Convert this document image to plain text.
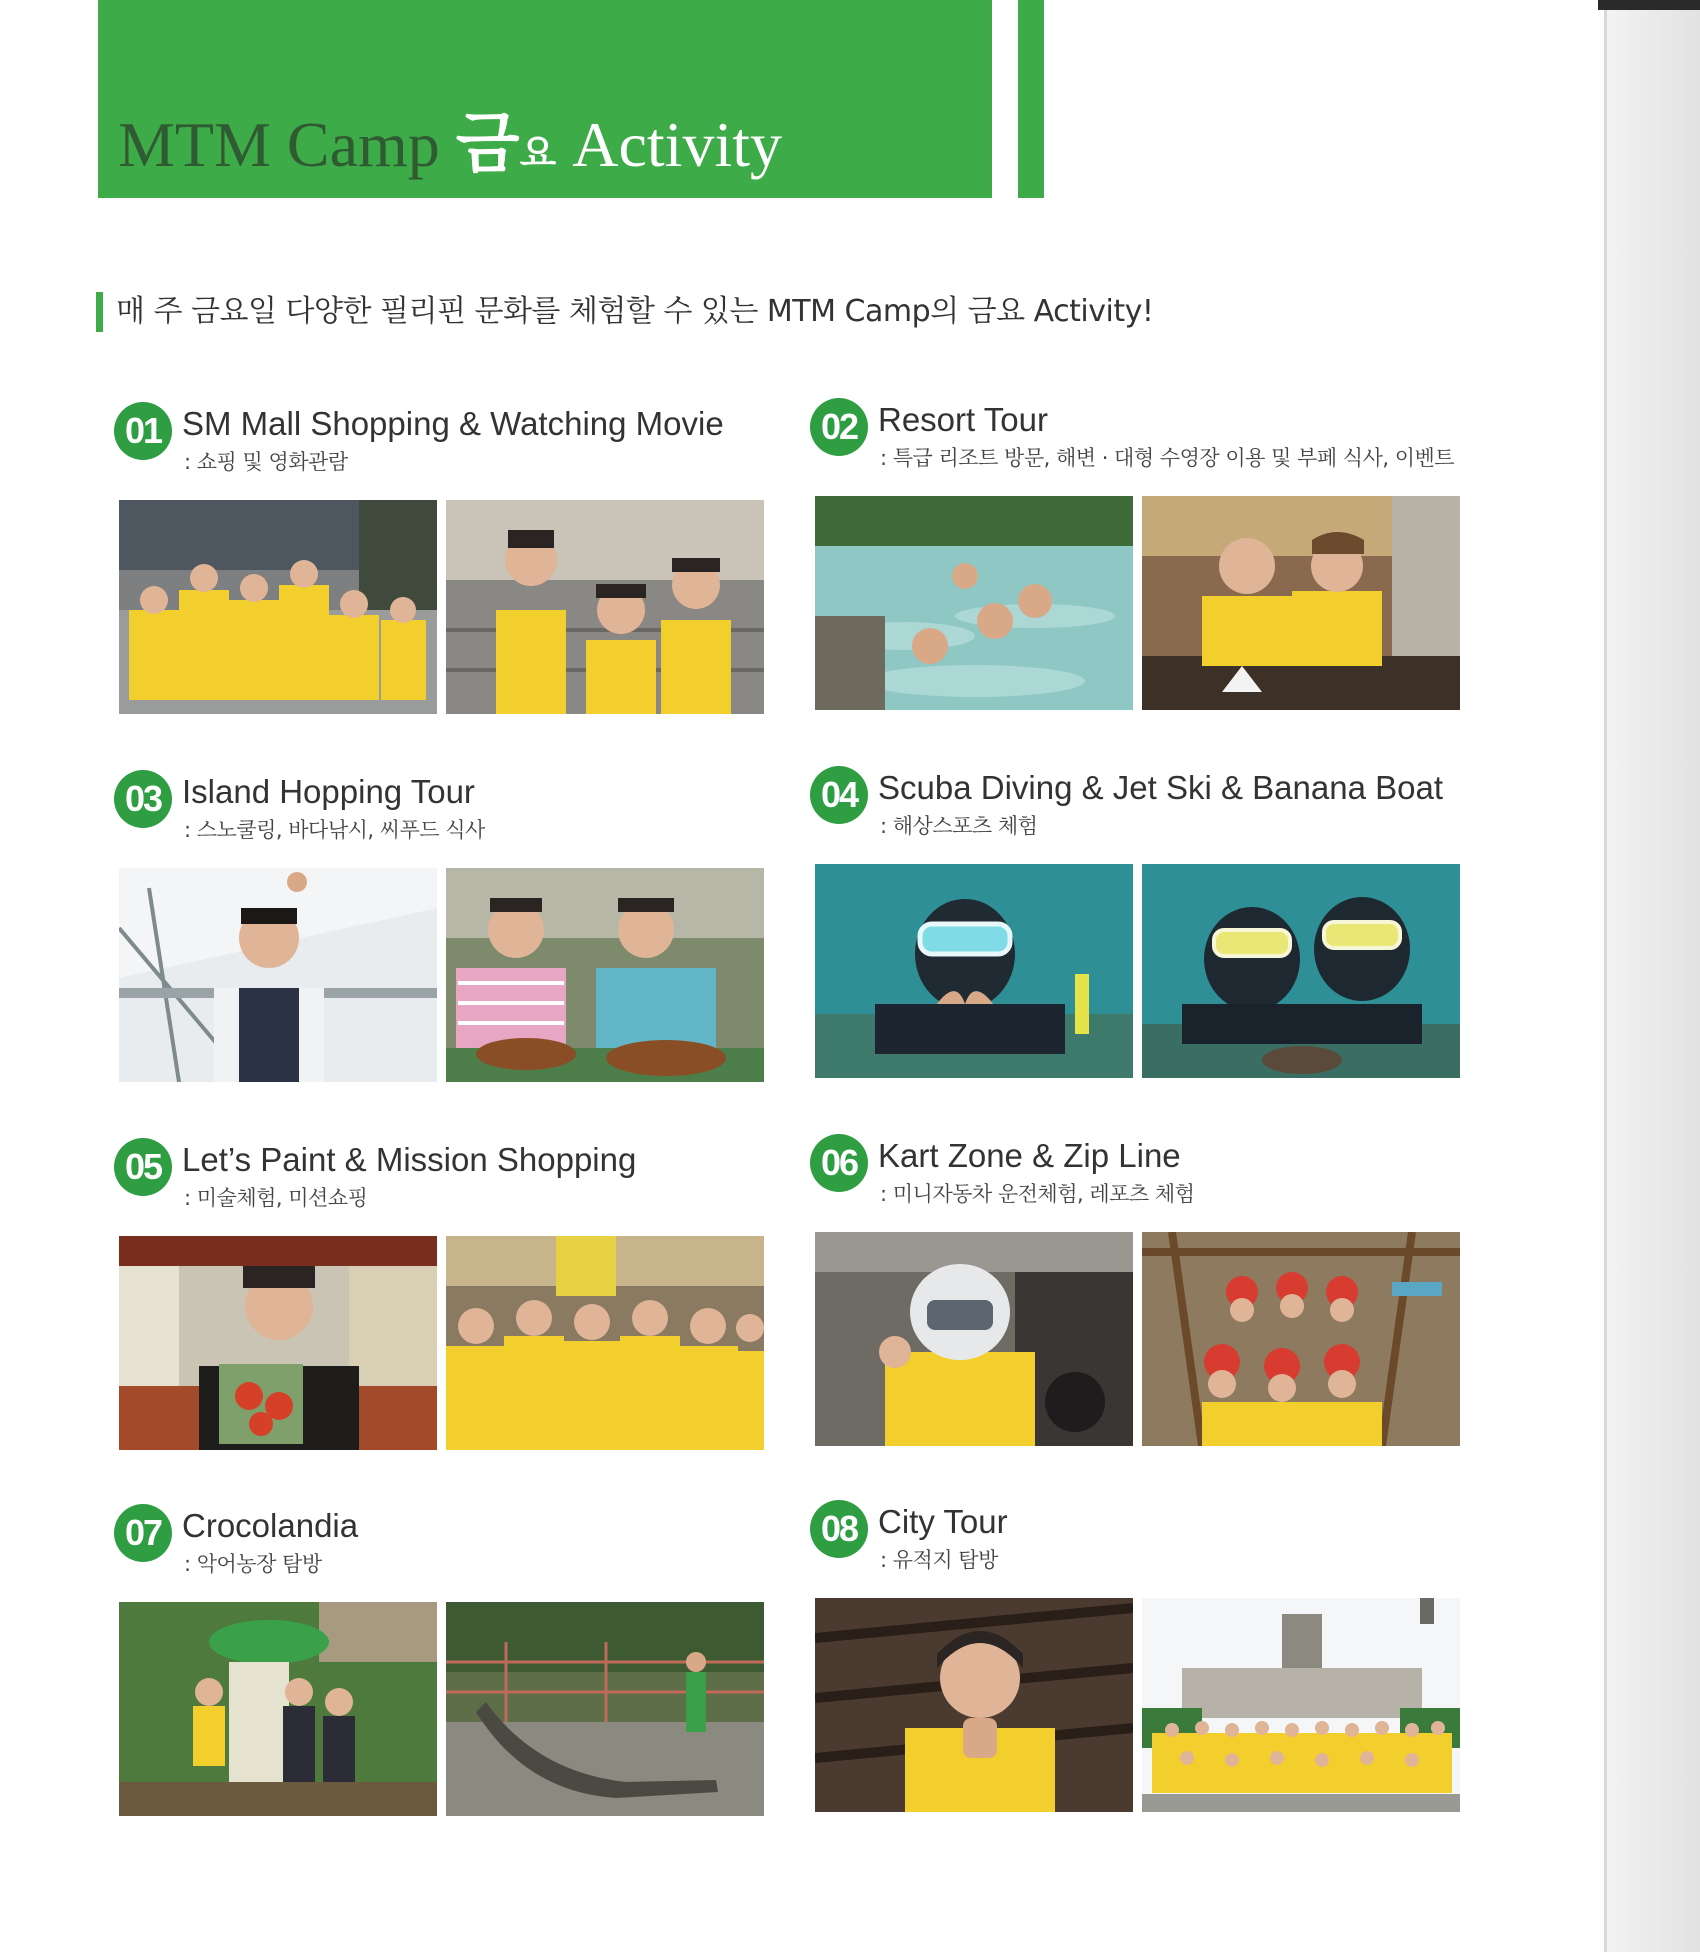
MTM Camp 금요 Activity
매 주 금요일 다양한 필리핀 문화를 체험할 수 있는 MTM Camp의 금요 Activity!
01 SM Mall Shopping & Watching Movie
: 쇼핑 및 영화관람
02 Resort Tour
: 특급 리조트 방문, 해변 · 대형 수영장 이용 및 부페 식사, 이벤트
03 Island Hopping Tour
: 스노쿨링, 바다낚시, 씨푸드 식사
04 Scuba Diving & Jet Ski & Banana Boat
: 해상스포츠 체험
05 Let’s Paint & Mission Shopping
: 미술체험, 미션쇼핑
06 Kart Zone & Zip Line
: 미니자동차 운전체험, 레포츠 체험
07 Crocolandia
: 악어농장 탐방
08 City Tour
: 유적지 탐방
